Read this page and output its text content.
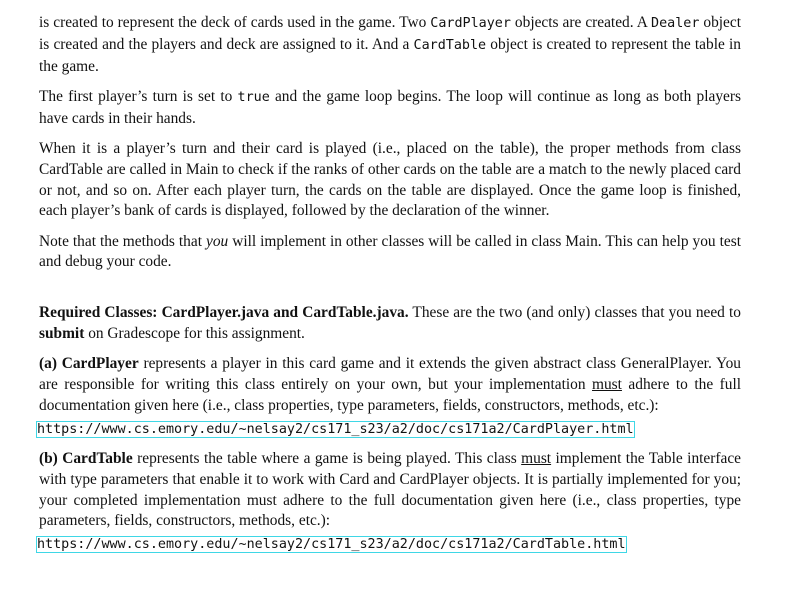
is created to represent the deck of cards used in the game. Two CardPlayer objects are created. A Dealer object is created and the players and deck are assigned to it. And a CardTable object is created to represent the table in the game.

The first player’s turn is set to true and the game loop begins. The loop will continue as long as both players have cards in their hands.

When it is a player’s turn and their card is played (i.e., placed on the table), the proper methods from class CardTable are called in Main to check if the ranks of other cards on the table are a match to the newly placed card or not, and so on. After each player turn, the cards on the table are displayed. Once the game loop is finished, each player’s bank of cards is displayed, followed by the declaration of the winner.

Note that the methods that you will implement in other classes will be called in class Main. This can help you test and debug your code.

Required Classes: CardPlayer.java and CardTable.java. These are the two (and only) classes that you need to submit on Gradescope for this assignment.

(a) CardPlayer represents a player in this card game and it extends the given abstract class GeneralPlayer. You are responsible for writing this class entirely on your own, but your implementation must adhere to the full documentation given here (i.e., class properties, type parameters, fields, constructors, methods, etc.):
https://www.cs.emory.edu/~nelsay2/cs171_s23/a2/doc/cs171a2/CardPlayer.html

(b) CardTable represents the table where a game is being played. This class must implement the Table interface with type parameters that enable it to work with Card and CardPlayer objects. It is partially implemented for you; your completed implementation must adhere to the full documentation given here (i.e., class properties, type parameters, fields, constructors, methods, etc.):
https://www.cs.emory.edu/~nelsay2/cs171_s23/a2/doc/cs171a2/CardTable.html
